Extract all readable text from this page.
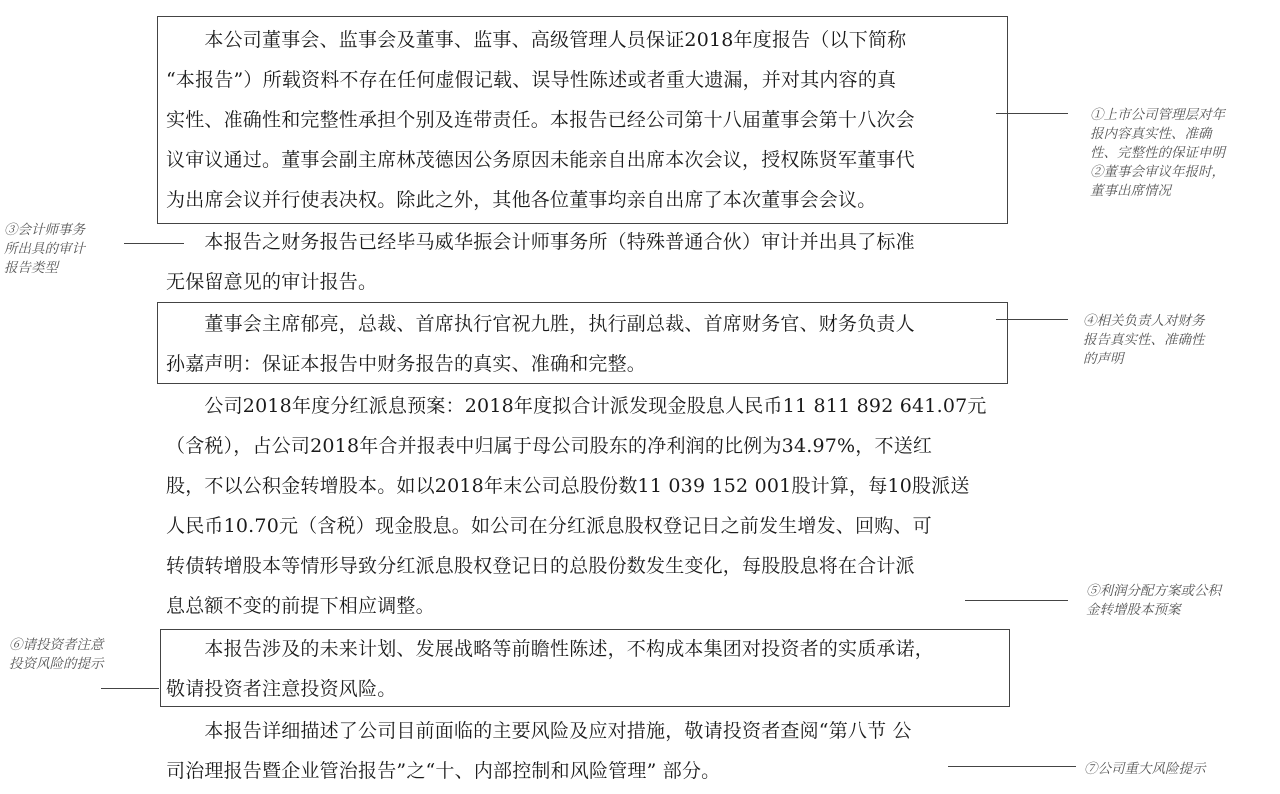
　　本公司董事会、监事会及董事、监事、高级管理人员保证2018年度报告（以下简称
“本报告”）所载资料不存在任何虚假记载、误导性陈述或者重大遗漏，并对其内容的真
实性、准确性和完整性承担个别及连带责任。本报告已经公司第十八届董事会第十八次会
议审议通过。董事会副主席林茂德因公务原因未能亲自出席本次会议，授权陈贤军董事代
为出席会议并行使表决权。除此之外，其他各位董事均亲自出席了本次董事会会议。
　　本报告之财务报告已经毕马威华振会计师事务所（特殊普通合伙）审计并出具了标准
无保留意见的审计报告。
　　董事会主席郁亮，总裁、首席执行官祝九胜，执行副总裁、首席财务官、财务负责人
孙嘉声明：保证本报告中财务报告的真实、准确和完整。
　　公司2018年度分红派息预案：2018年度拟合计派发现金股息人民币11 811 892 641.07元
（含税），占公司2018年合并报表中归属于母公司股东的净利润的比例为34.97%，不送红
股，不以公积金转增股本。如以2018年末公司总股份数11 039 152 001股计算，每10股派送
人民币10.70元（含税）现金股息。如公司在分红派息股权登记日之前发生增发、回购、可
转债转增股本等情形导致分红派息股权登记日的总股份数发生变化，每股股息将在合计派
息总额不变的前提下相应调整。
　　本报告涉及的未来计划、发展战略等前瞻性陈述，不构成本集团对投资者的实质承诺，
敬请投资者注意投资风险。
　　本报告详细描述了公司目前面临的主要风险及应对措施，敬请投资者查阅“第八节 公
司治理报告暨企业管治报告”之“十、内部控制和风险管理” 部分。
①上市公司管理层对年
报内容真实性、准确
性、完整性的保证申明
②董事会审议年报时，
董事出席情况
③会计师事务
所出具的审计
报告类型
④相关负责人对财务
报告真实性、准确性
的声明
⑤利润分配方案或公积
金转增股本预案
⑥请投资者注意
投资风险的提示
⑦公司重大风险提示
